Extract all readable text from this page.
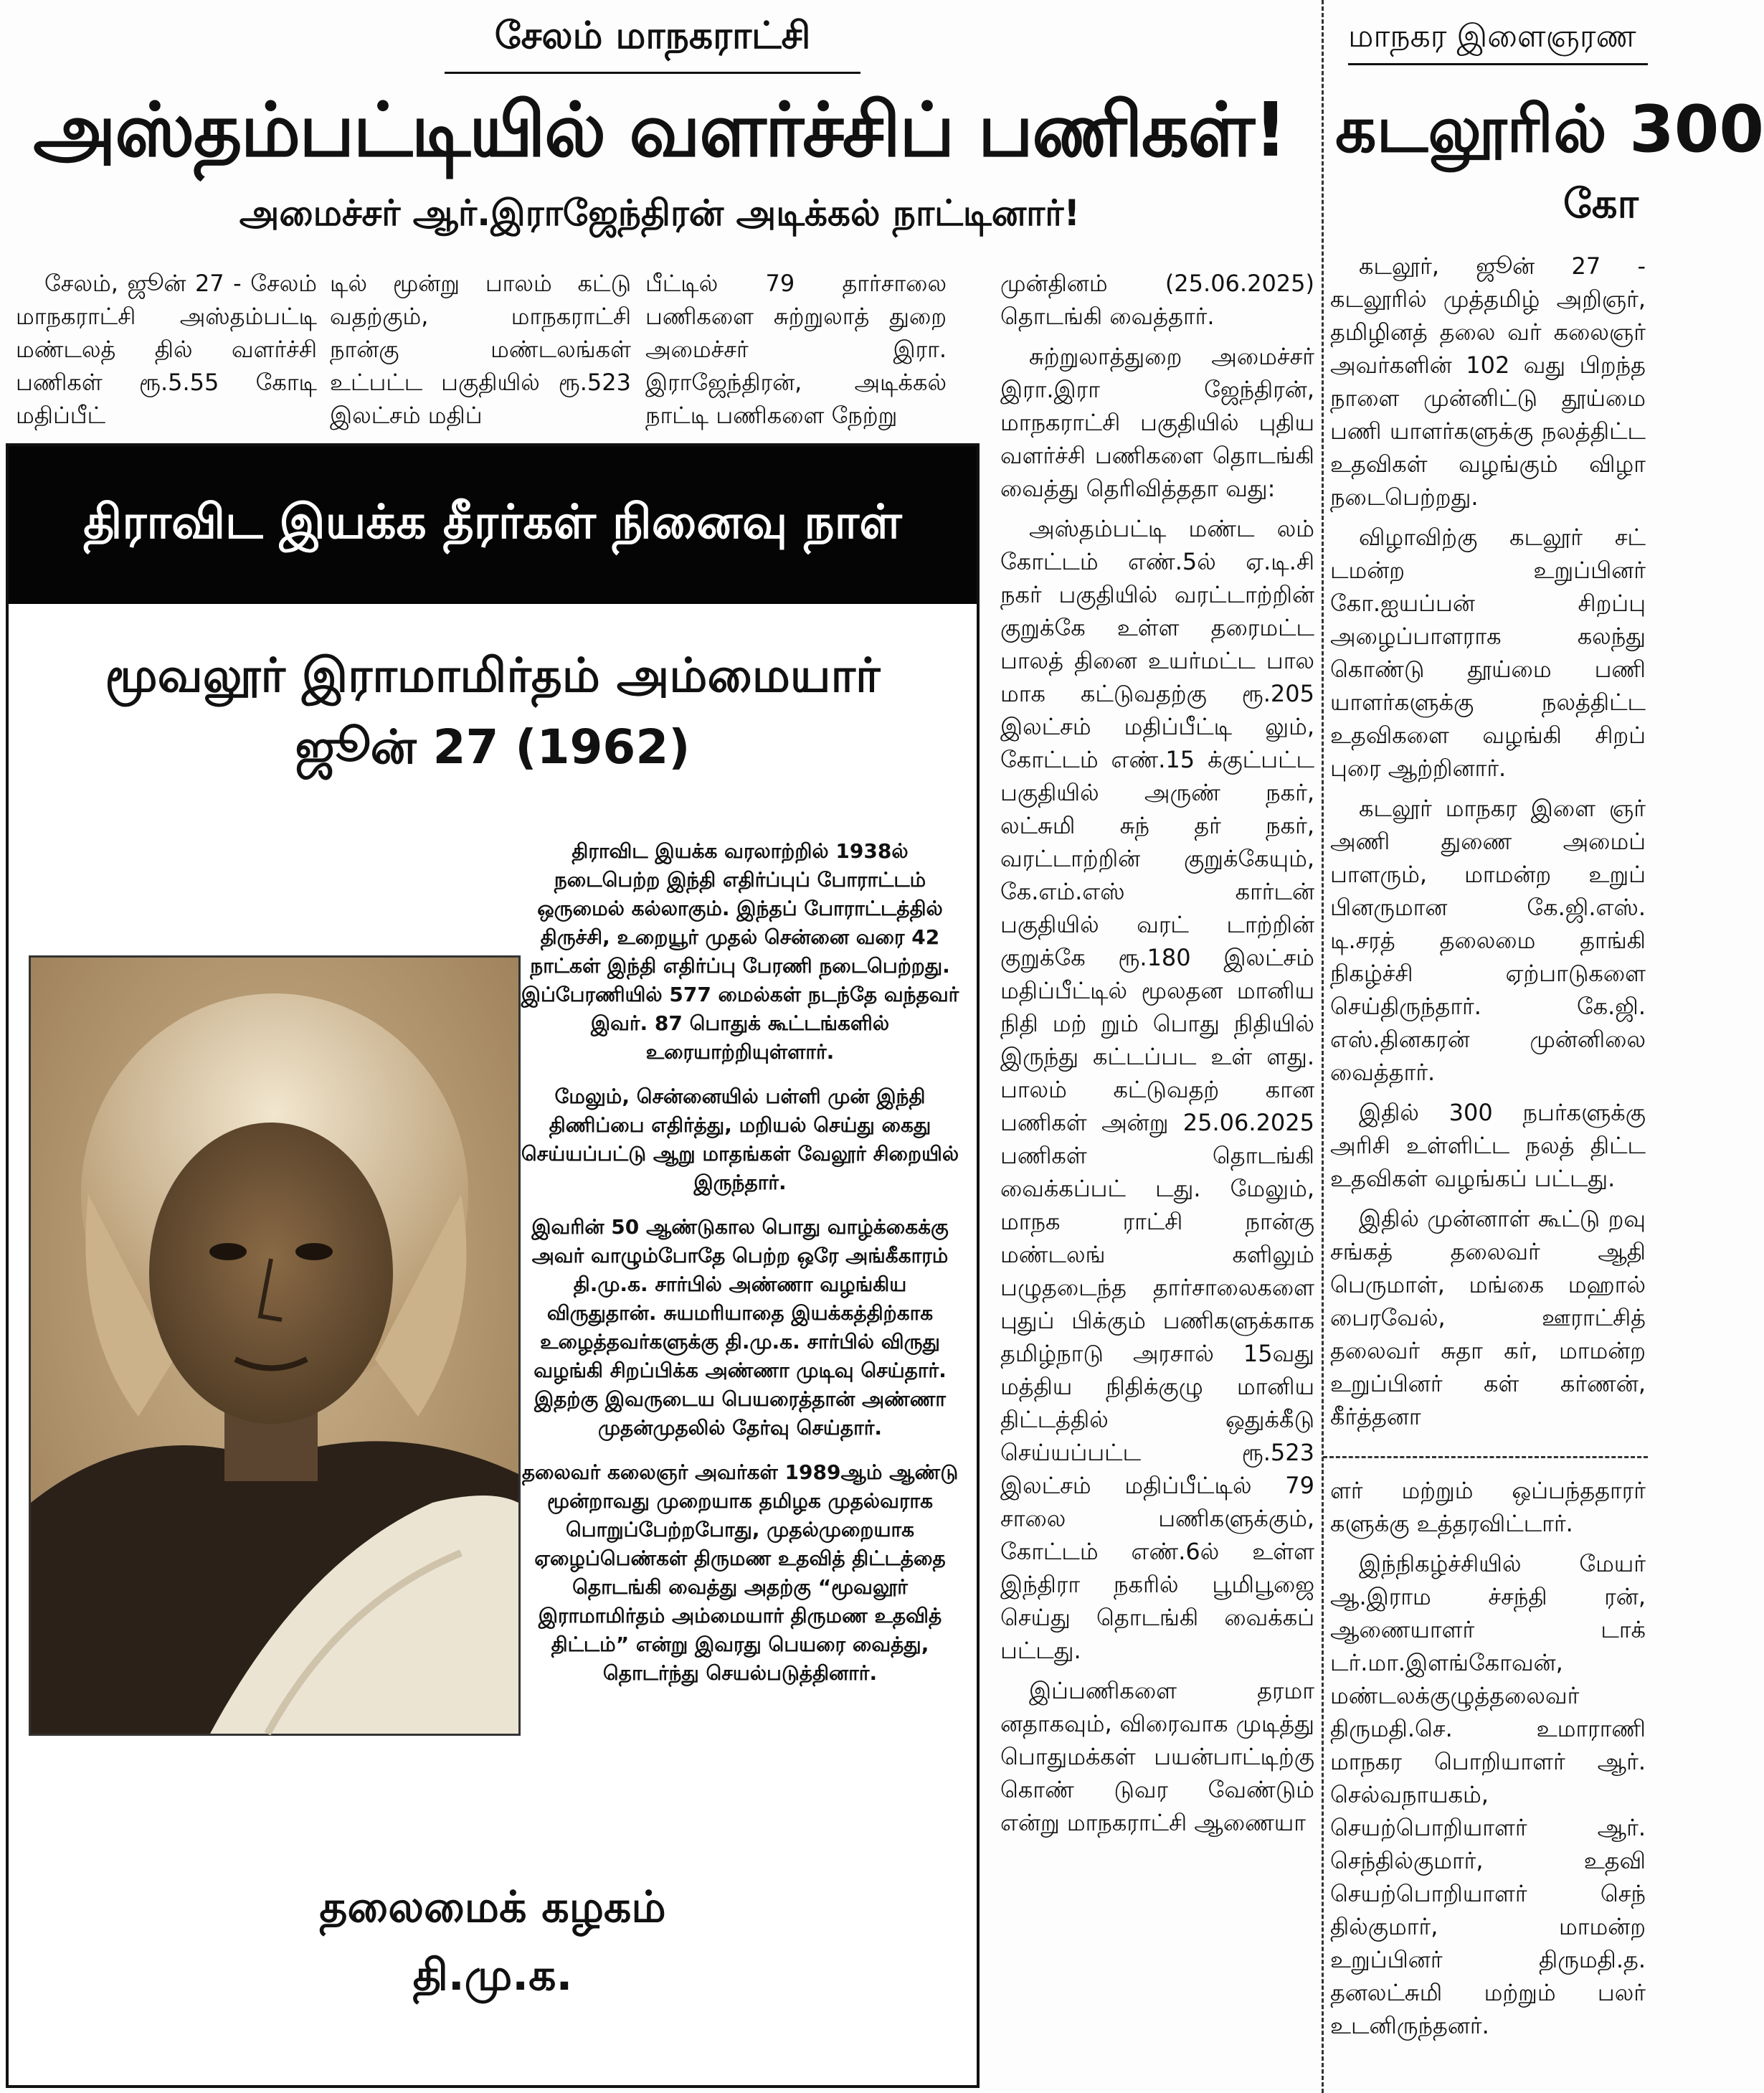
சேலம் மாநகராட்சி
அஸ்தம்பட்டியில் வளர்ச்சிப் பணிகள்!
அமைச்சர் ஆர்.இராஜேந்திரன் அடிக்கல் நாட்டினார்!
சேலம், ஜூன் 27 - சேலம் மாநகராட்சி அஸ்தம்பட்டி மண்டலத் தில் வளர்ச்சி பணிகள் ரூ.5.55 கோடி மதிப்பீட்
டில் மூன்று பாலம் கட்டு வதற்கும், மாநகராட்சி நான்கு மண்டலங்கள் உட்பட்ட பகுதியில் ரூ.523 இலட்சம் மதிப்
பீட்டில் 79 தார்சாலை பணிகளை சுற்றுலாத் துறை அமைச்சர் இரா. இராஜேந்திரன், அடிக்கல் நாட்டி பணிகளை நேற்று

முன்தினம் (25.06.2025) தொடங்கி வைத்தார்.

சுற்றுலாத்துறை அமைச்சர் இரா.இரா ஜேந்திரன், மாநகராட்சி பகுதியில் புதிய வளர்ச்சி பணிகளை தொடங்கி வைத்து தெரிவித்ததா வது:

அஸ்தம்பட்டி மண்ட லம் கோட்டம் எண்.5ல் ஏ.டி.சி நகர் பகுதியில் வரட்டாற்றின் குறுக்கே உள்ள தரைமட்ட பாலத் தினை உயர்மட்ட பால மாக கட்டுவதற்கு ரூ.205 இலட்சம் மதிப்பீட்டி லும், கோட்டம் எண்.15 க்குட்பட்ட பகுதியில் அருண் நகர், லட்சுமி சுந் தர் நகர், வரட்டாற்றின் குறுக்கேயும், கே.எம்.எஸ் கார்டன் பகுதியில் வரட் டாற்றின் குறுக்கே ரூ.180 இலட்சம் மதிப்பீட்டில் மூலதன மானிய நிதி மற் றும் பொது நிதியில் இருந்து கட்டப்பட உள் ளது. பாலம் கட்டுவதற் கான பணிகள் அன்று 25.06.2025 பணிகள் தொடங்கி வைக்கப்பட் டது. மேலும், மாநக ராட்சி நான்கு மண்டலங் களிலும் பழுதடைந்த தார்சாலைகளை புதுப் பிக்கும் பணிகளுக்காக தமிழ்நாடு அரசால் 15வது மத்திய நிதிக்குழு மானிய திட்டத்தில் ஒதுக்கீடு செய்யப்பட்ட ரூ.523 இலட்சம் மதிப்பீட்டில் 79 சாலை பணிகளுக்கும், கோட்டம் எண்.6ல் உள்ள இந்திரா நகரில் பூமிபூஜை செய்து தொடங்கி வைக்கப் பட்டது.

இப்பணிகளை தரமா னதாகவும், விரைவாக முடித்து பொதுமக்கள் பயன்பாட்டிற்கு கொண் டுவர வேண்டும் என்று மாநகராட்சி ஆணையா

மாநகர இளைஞரண
கடலூரில் 300
கோ

கடலூர், ஜூன் 27 - கடலூரில் முத்தமிழ் அறிஞர், தமிழினத் தலை வர் கலைஞர் அவர்களின் 102 வது பிறந்த நாளை முன்னிட்டு தூய்மை பணி யாளர்களுக்கு நலத்திட்ட உதவிகள் வழங்கும் விழா நடைபெற்றது.

விழாவிற்கு கடலூர் சட் டமன்ற உறுப்பினர் கோ.ஐயப்பன் சிறப்பு அழைப்பாளராக கலந்து கொண்டு தூய்மை பணி யாளர்களுக்கு நலத்திட்ட உதவிகளை வழங்கி சிறப் புரை ஆற்றினார்.

கடலூர் மாநகர இளை ஞர் அணி துணை அமைப் பாளரும், மாமன்ற உறுப் பினருமான கே.ஜி.எஸ். டி.சரத் தலைமை தாங்கி நிகழ்ச்சி ஏற்பாடுகளை செய்திருந்தார். கே.ஜி. எஸ்.தினகரன் முன்னிலை வைத்தார்.

இதில் 300 நபர்களுக்கு அரிசி உள்ளிட்ட நலத் திட்ட உதவிகள் வழங்கப் பட்டது.

இதில் முன்னாள் கூட்டு றவு சங்கத் தலைவர் ஆதி பெருமாள், மங்கை மஹால் பைரவேல், ஊராட்சித் தலைவர் சுதா கர், மாமன்ற உறுப்பினர் கள் கர்ணன், கீர்த்தனா

ளர் மற்றும் ஒப்பந்ததாரர் களுக்கு உத்தரவிட்டார்.

இந்நிகழ்ச்சியில் மேயர் ஆ.இராம ச்சந்தி ரன், ஆணையாளர் டாக் டர்.மா.இளங்கோவன், மண்டலக்குழுத்தலைவர் திருமதி.செ. உமாராணி மாநகர பொறியாளர் ஆர். செல்வநாயகம், செயற்பொறியாளர் ஆர். செந்தில்குமார், உதவி செயற்பொறியாளர் செந் தில்குமார், மாமன்ற உறுப்பினர் திருமதி.த. தனலட்சுமி மற்றும் பலர் உடனிருந்தனர்.

திராவிட இயக்க தீரர்கள் நினைவு நாள்
மூவலூர் இராமாமிர்தம் அம்மையார்
ஜூன் 27 (1962)

திராவிட இயக்க வரலாற்றில் 1938ல் நடைபெற்ற இந்தி எதிர்ப்புப் போராட்டம் ஒருமைல் கல்லாகும். இந்தப் போராட்டத்தில் திருச்சி, உறையூர் முதல் சென்னை வரை 42 நாட்கள் இந்தி எதிர்ப்பு பேரணி நடைபெற்றது. இப்பேரணியில் 577 மைல்கள் நடந்தே வந்தவர் இவர். 87 பொதுக் கூட்டங்களில் உரையாற்றியுள்ளார்.

மேலும், சென்னையில் பள்ளி முன் இந்தி திணிப்பை எதிர்த்து, மறியல் செய்து கைது செய்யப்பட்டு ஆறு மாதங்கள் வேலூர் சிறையில் இருந்தார்.

இவரின் 50 ஆண்டுகால பொது வாழ்க்கைக்கு அவர் வாழும்போதே பெற்ற ஒரே அங்கீகாரம் தி.மு.க. சார்பில் அண்ணா வழங்கிய விருதுதான். சுயமரியாதை இயக்கத்திற்காக உழைத்தவர்களுக்கு தி.மு.க. சார்பில் விருது வழங்கி சிறப்பிக்க அண்ணா முடிவு செய்தார். இதற்கு இவருடைய பெயரைத்தான் அண்ணா முதன்முதலில் தேர்வு செய்தார்.

தலைவர் கலைஞர் அவர்கள் 1989ஆம் ஆண்டு மூன்றாவது முறையாக தமிழக முதல்வராக பொறுப்பேற்றபோது, முதல்முறையாக ஏழைப்பெண்கள் திருமண உதவித் திட்டத்தை தொடங்கி வைத்து அதற்கு “மூவலூர் இராமாமிர்தம் அம்மையார் திருமண உதவித் திட்டம்” என்று இவரது பெயரை வைத்து, தொடர்ந்து செயல்படுத்தினார்.

தலைமைக் கழகம்
தி.மு.க.
